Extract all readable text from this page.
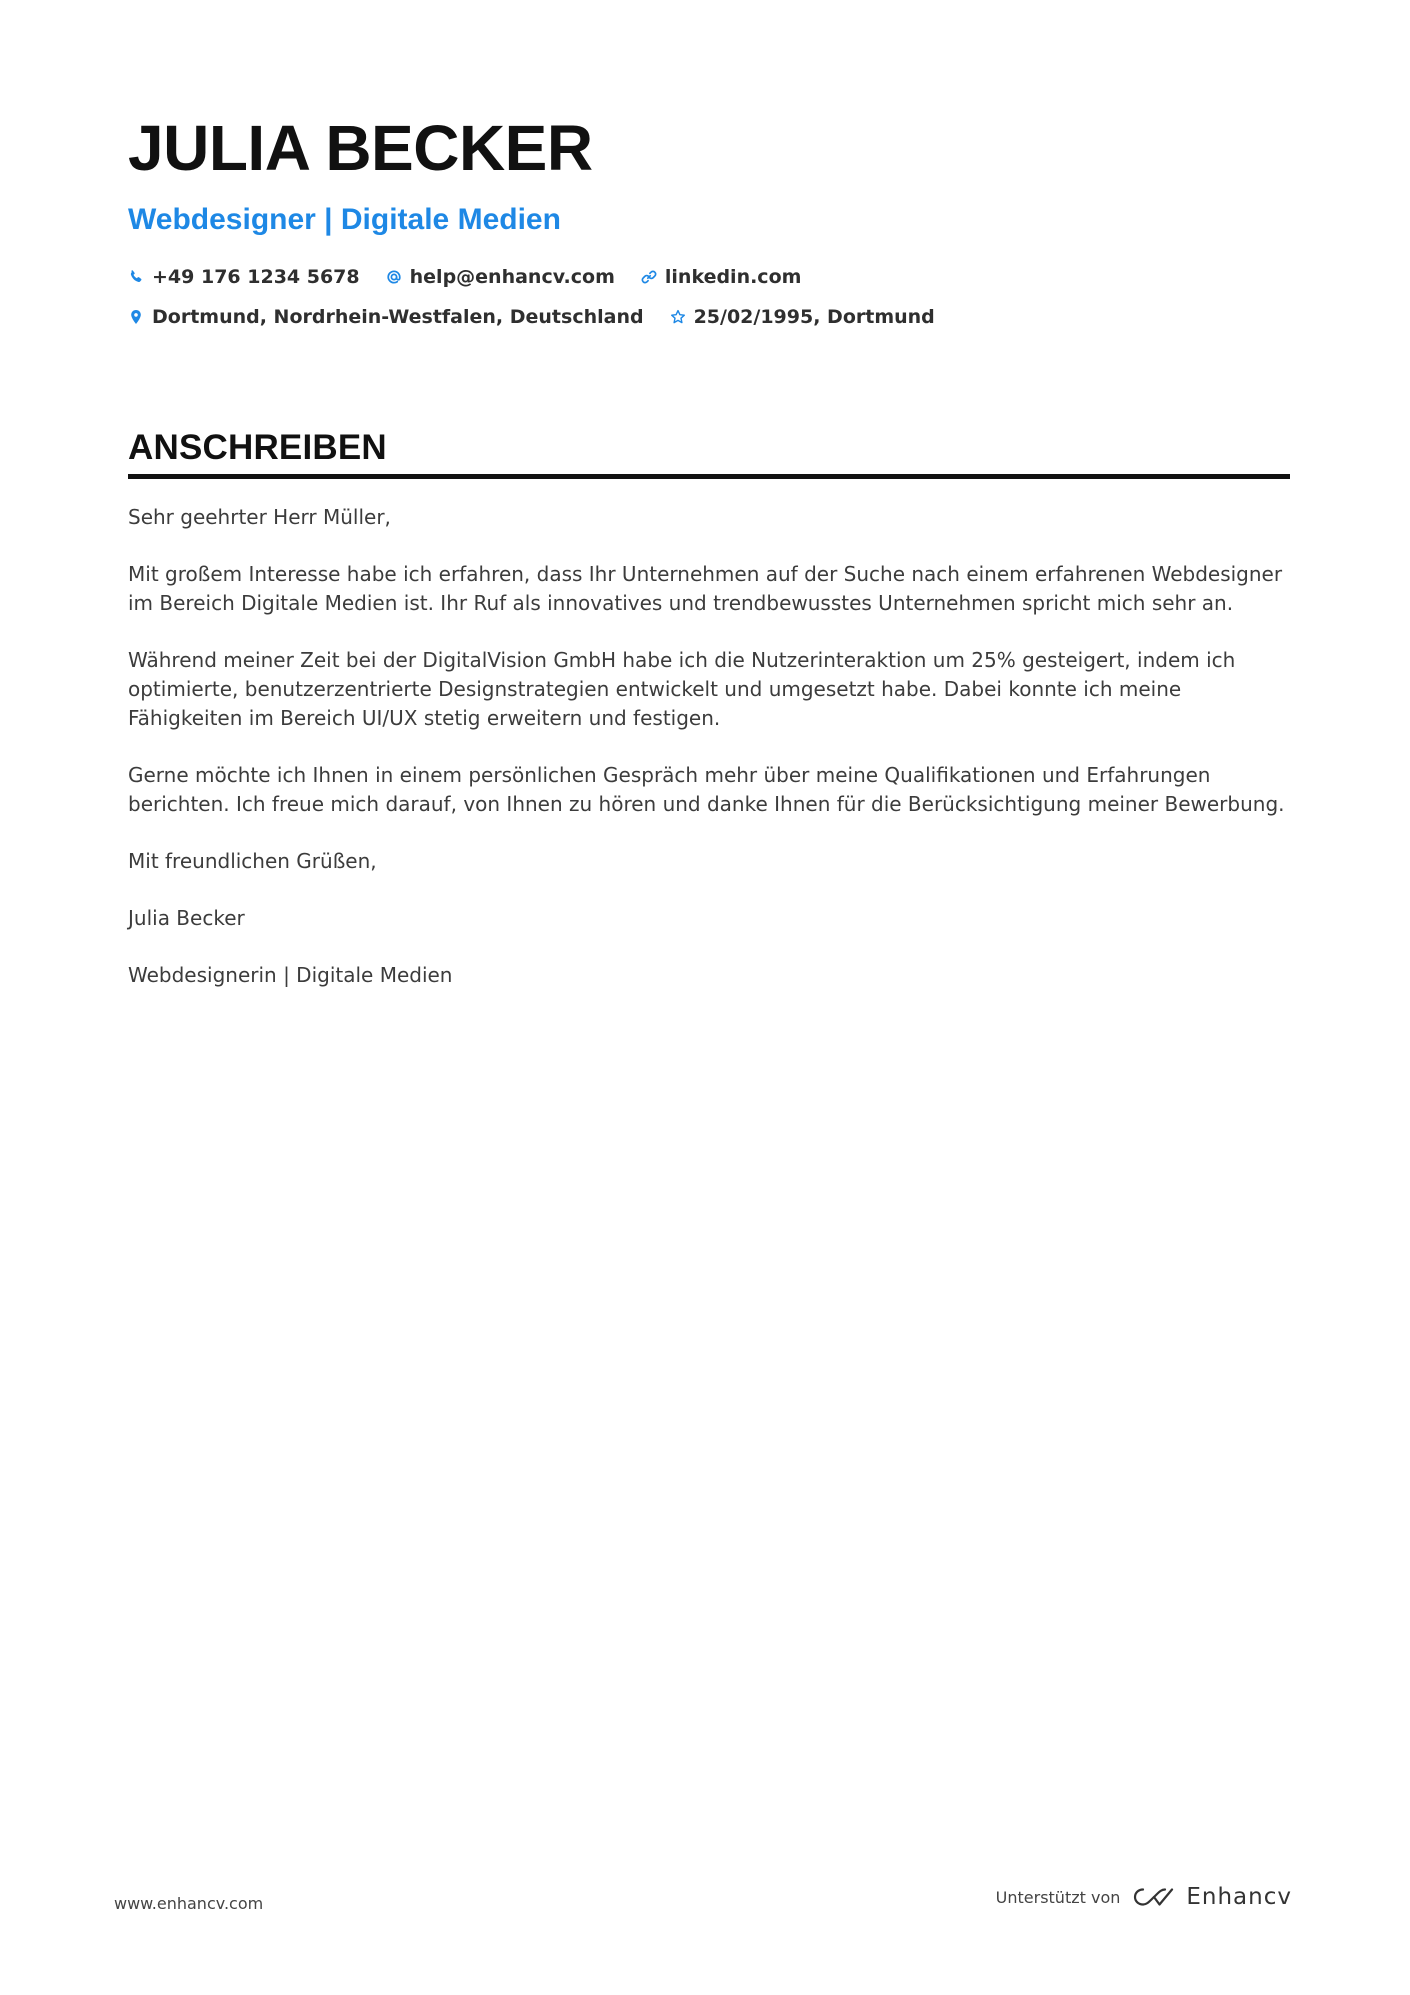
JULIA BECKER
Webdesigner | Digitale Medien
+49 176 1234 5678	help@enhancv.com	linkedin.com
Dortmund, Nordrhein-Westfalen, Deutschland	25/02/1995, Dortmund
ANSCHREIBEN

Sehr geehrter Herr Müller,

Mit großem Interesse habe ich erfahren, dass Ihr Unternehmen auf der Suche nach einem erfahrenen Webdesigner im Bereich Digitale Medien ist. Ihr Ruf als innovatives und trendbewusstes Unternehmen spricht mich sehr an.

Während meiner Zeit bei der DigitalVision GmbH habe ich die Nutzerinteraktion um 25% gesteigert, indem ich optimierte, benutzerzentrierte Designstrategien entwickelt und umgesetzt habe. Dabei konnte ich meine Fähigkeiten im Bereich UI/UX stetig erweitern und festigen.

Gerne möchte ich Ihnen in einem persönlichen Gespräch mehr über meine Qualifikationen und Erfahrungen berichten. Ich freue mich darauf, von Ihnen zu hören und danke Ihnen für die Berücksichtigung meiner Bewerbung.

Mit freundlichen Grüßen,

Julia Becker

Webdesignerin | Digitale Medien

www.enhancv.com	Unterstützt von	Enhancv
